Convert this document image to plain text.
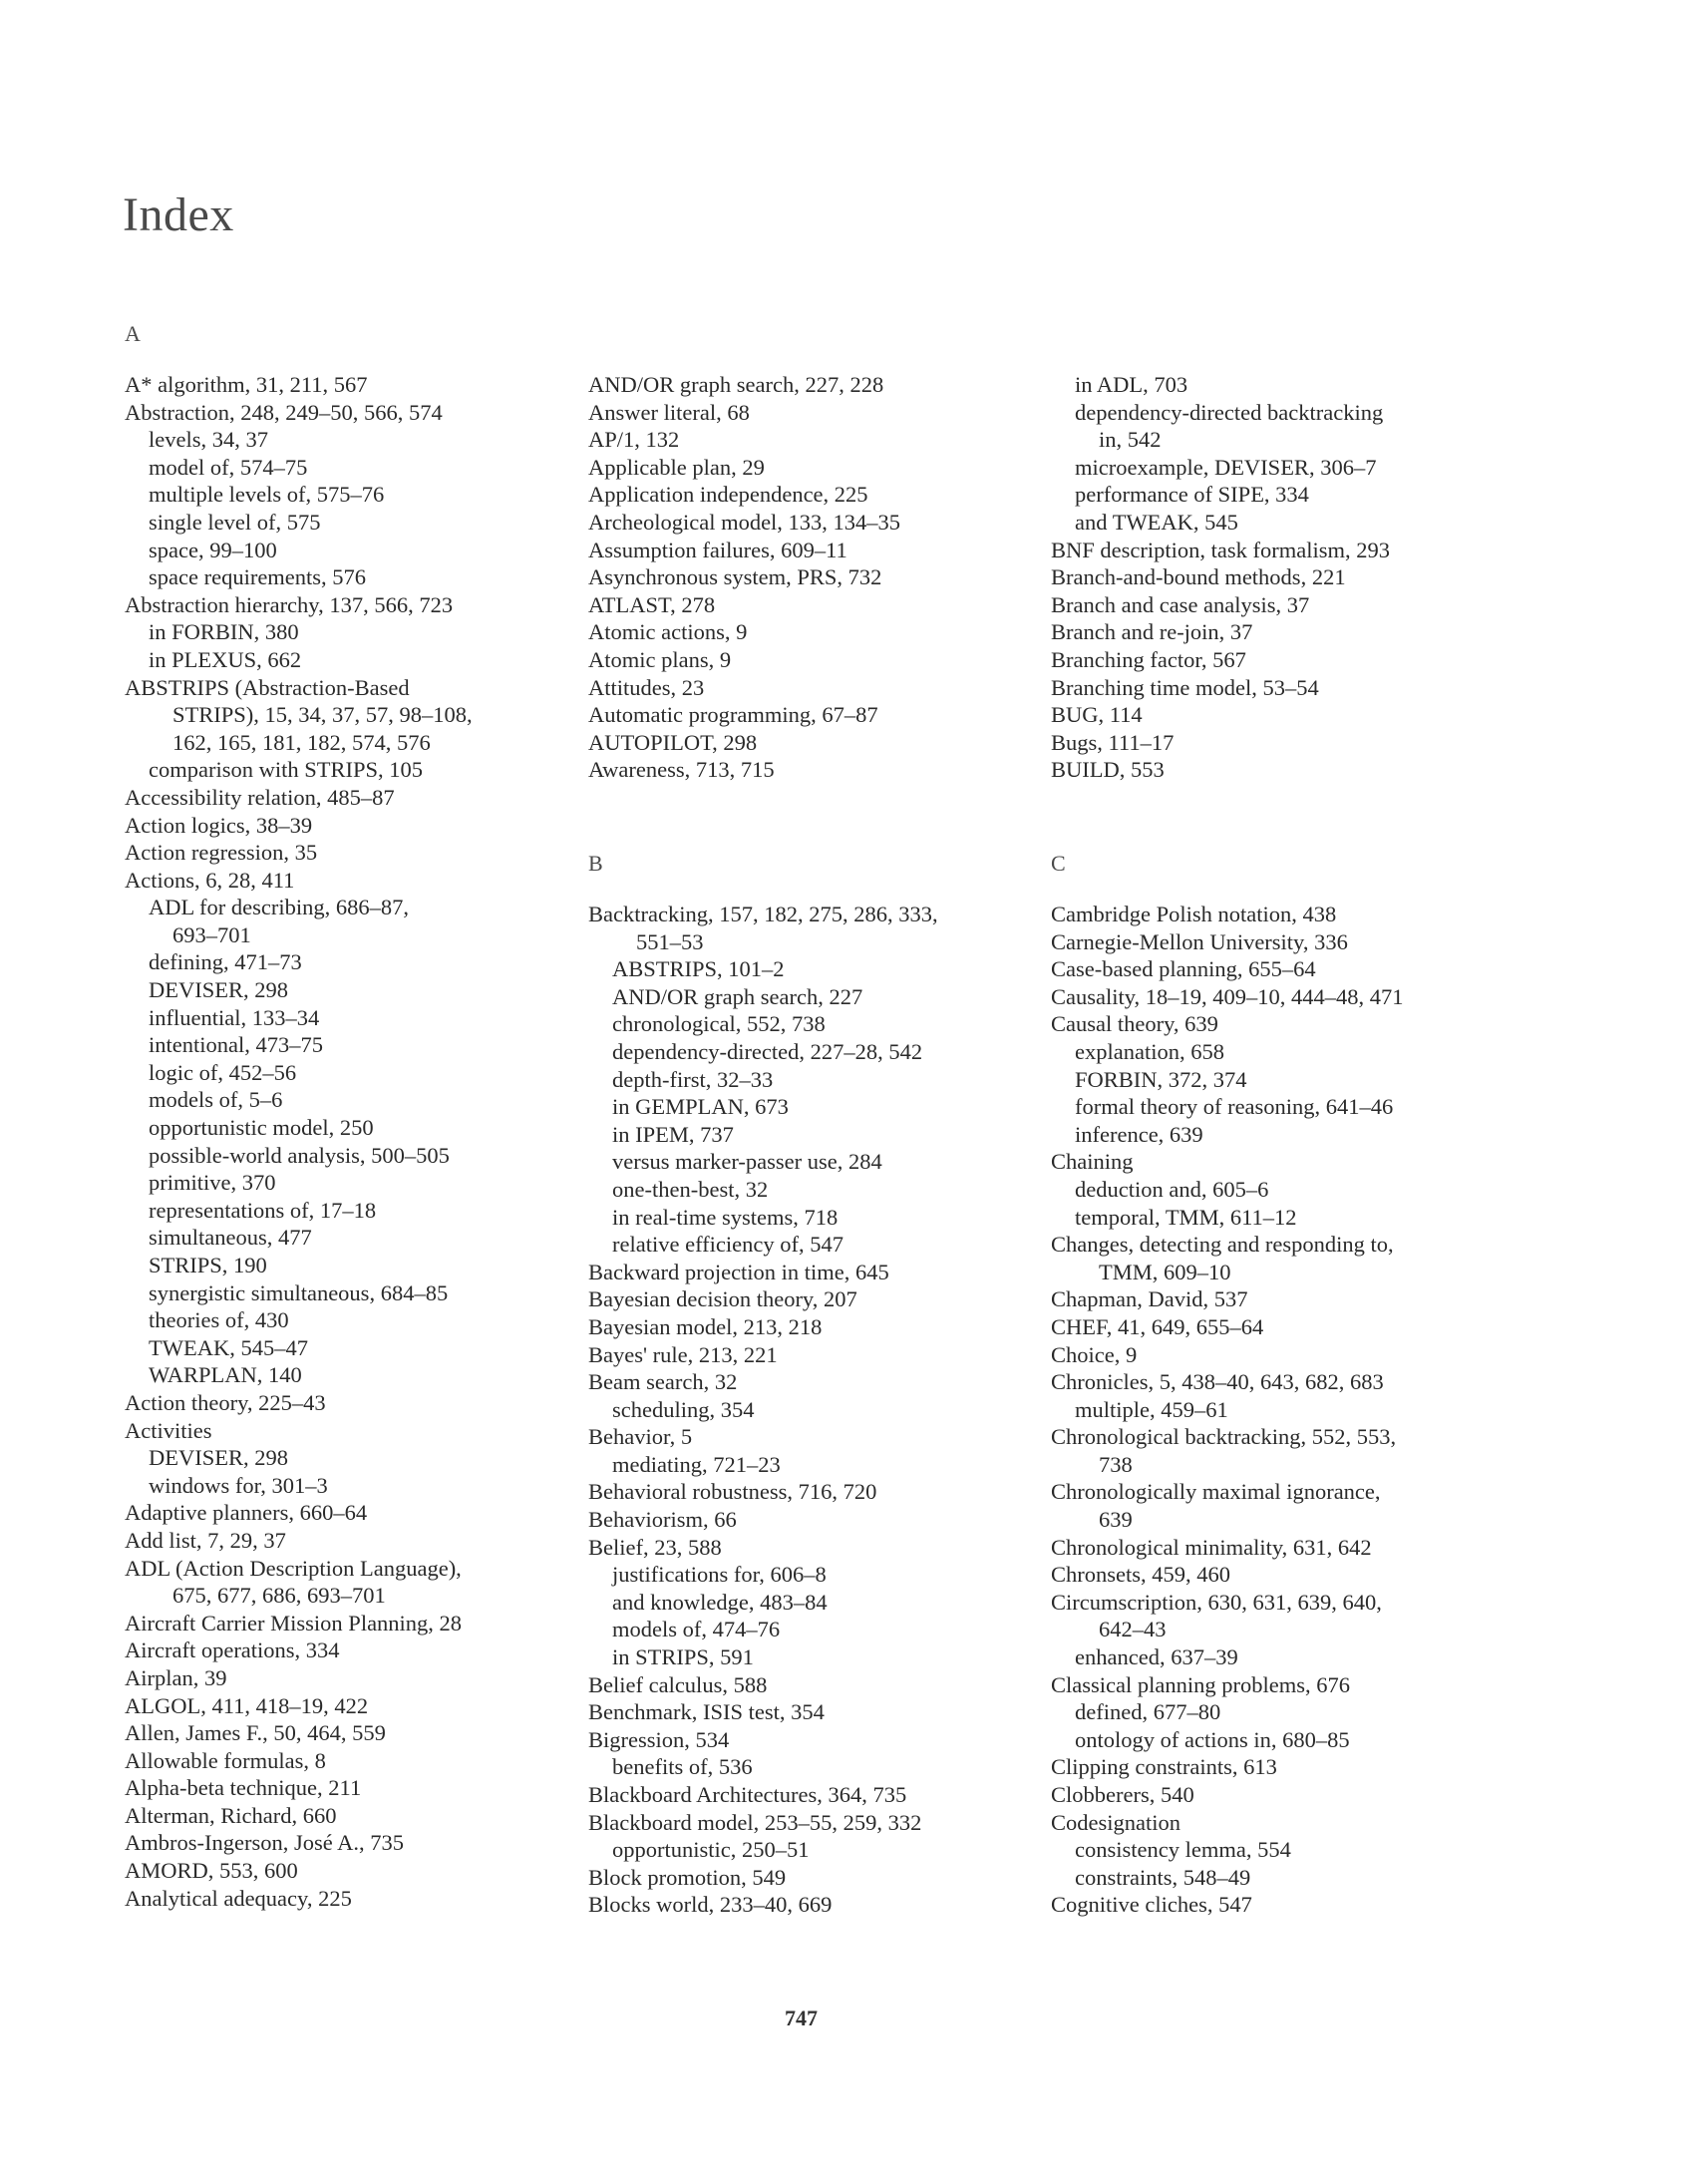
Index
A
A* algorithm, 31, 211, 567
Abstraction, 248, 249–50, 566, 574
levels, 34, 37
model of, 574–75
multiple levels of, 575–76
single level of, 575
space, 99–100
space requirements, 576
Abstraction hierarchy, 137, 566, 723
in FORBIN, 380
in PLEXUS, 662
ABSTRIPS (Abstraction-Based
STRIPS), 15, 34, 37, 57, 98–108,
162, 165, 181, 182, 574, 576
comparison with STRIPS, 105
Accessibility relation, 485–87
Action logics, 38–39
Action regression, 35
Actions, 6, 28, 411
ADL for describing, 686–87,
693–701
defining, 471–73
DEVISER, 298
influential, 133–34
intentional, 473–75
logic of, 452–56
models of, 5–6
opportunistic model, 250
possible-world analysis, 500–505
primitive, 370
representations of, 17–18
simultaneous, 477
STRIPS, 190
synergistic simultaneous, 684–85
theories of, 430
TWEAK, 545–47
WARPLAN, 140
Action theory, 225–43
Activities
DEVISER, 298
windows for, 301–3
Adaptive planners, 660–64
Add list, 7, 29, 37
ADL (Action Description Language),
675, 677, 686, 693–701
Aircraft Carrier Mission Planning, 28
Aircraft operations, 334
Airplan, 39
ALGOL, 411, 418–19, 422
Allen, James F., 50, 464, 559
Allowable formulas, 8
Alpha-beta technique, 211
Alterman, Richard, 660
Ambros-Ingerson, José A., 735
AMORD, 553, 600
Analytical adequacy, 225
AND/OR graph search, 227, 228
Answer literal, 68
AP/1, 132
Applicable plan, 29
Application independence, 225
Archeological model, 133, 134–35
Assumption failures, 609–11
Asynchronous system, PRS, 732
ATLAST, 278
Atomic actions, 9
Atomic plans, 9
Attitudes, 23
Automatic programming, 67–87
AUTOPILOT, 298
Awareness, 713, 715
B
Backtracking, 157, 182, 275, 286, 333,
551–53
ABSTRIPS, 101–2
AND/OR graph search, 227
chronological, 552, 738
dependency-directed, 227–28, 542
depth-first, 32–33
in GEMPLAN, 673
in IPEM, 737
versus marker-passer use, 284
one-then-best, 32
in real-time systems, 718
relative efficiency of, 547
Backward projection in time, 645
Bayesian decision theory, 207
Bayesian model, 213, 218
Bayes' rule, 213, 221
Beam search, 32
scheduling, 354
Behavior, 5
mediating, 721–23
Behavioral robustness, 716, 720
Behaviorism, 66
Belief, 23, 588
justifications for, 606–8
and knowledge, 483–84
models of, 474–76
in STRIPS, 591
Belief calculus, 588
Benchmark, ISIS test, 354
Bigression, 534
benefits of, 536
Blackboard Architectures, 364, 735
Blackboard model, 253–55, 259, 332
opportunistic, 250–51
Block promotion, 549
Blocks world, 233–40, 669
in ADL, 703
dependency-directed backtracking
in, 542
microexample, DEVISER, 306–7
performance of SIPE, 334
and TWEAK, 545
BNF description, task formalism, 293
Branch-and-bound methods, 221
Branch and case analysis, 37
Branch and re-join, 37
Branching factor, 567
Branching time model, 53–54
BUG, 114
Bugs, 111–17
BUILD, 553
C
Cambridge Polish notation, 438
Carnegie-Mellon University, 336
Case-based planning, 655–64
Causality, 18–19, 409–10, 444–48, 471
Causal theory, 639
explanation, 658
FORBIN, 372, 374
formal theory of reasoning, 641–46
inference, 639
Chaining
deduction and, 605–6
temporal, TMM, 611–12
Changes, detecting and responding to,
TMM, 609–10
Chapman, David, 537
CHEF, 41, 649, 655–64
Choice, 9
Chronicles, 5, 438–40, 643, 682, 683
multiple, 459–61
Chronological backtracking, 552, 553,
738
Chronologically maximal ignorance,
639
Chronological minimality, 631, 642
Chronsets, 459, 460
Circumscription, 630, 631, 639, 640,
642–43
enhanced, 637–39
Classical planning problems, 676
defined, 677–80
ontology of actions in, 680–85
Clipping constraints, 613
Clobberers, 540
Codesignation
consistency lemma, 554
constraints, 548–49
Cognitive cliches, 547
747
